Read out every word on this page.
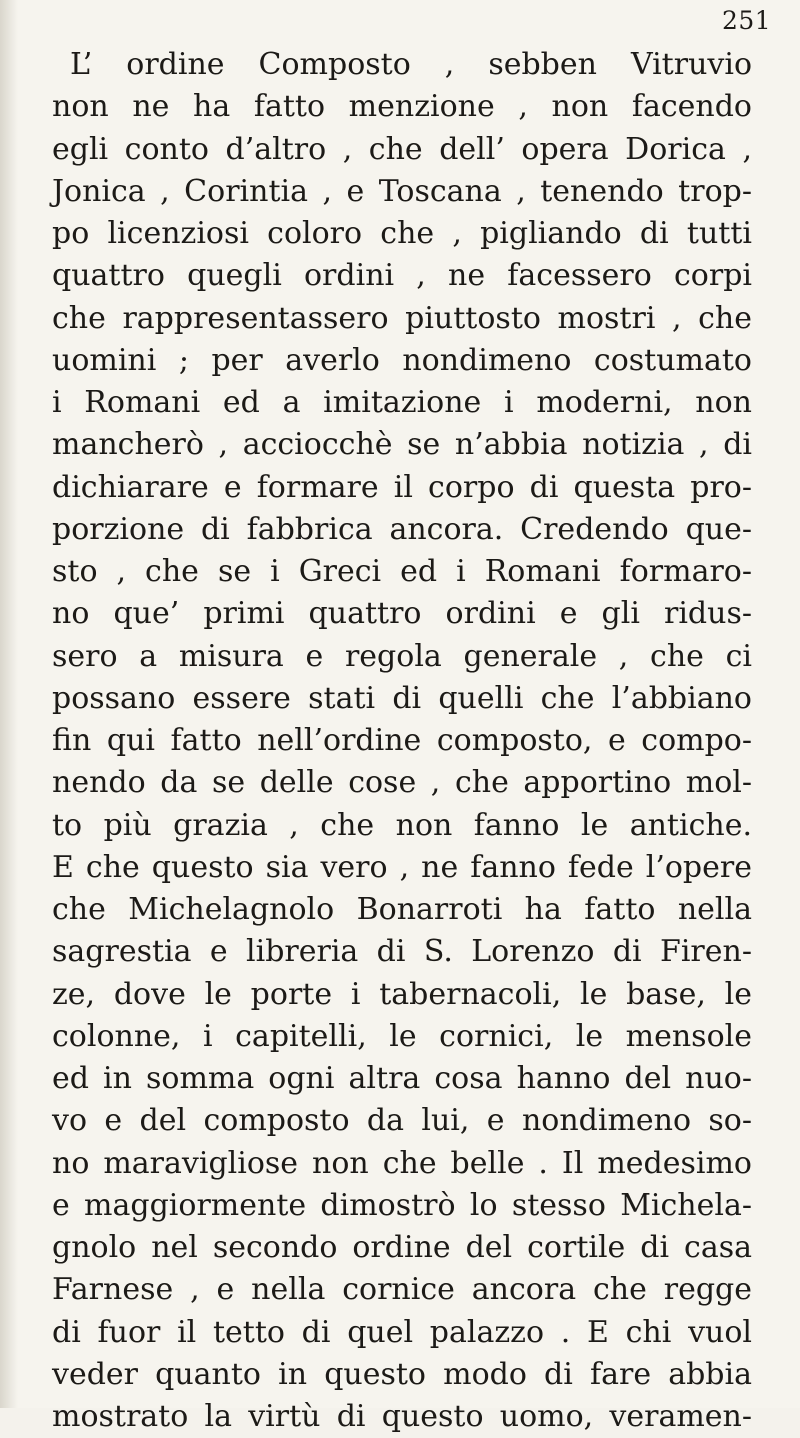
251
L’ ordine Composto , sebben Vitruvio
non ne ha fatto menzione , non facendo
egli conto d’altro , che dell’ opera Dorica ,
Jonica , Corintia , e Toscana , tenendo trop-
po licenziosi coloro che , pigliando di tutti
quattro quegli ordini , ne facessero corpi
che rappresentassero piuttosto mostri , che
uomini ; per averlo nondimeno costumato
i Romani ed a imitazione i moderni, non
mancherò , acciocchè se n’abbia notizia , di
dichiarare e formare il corpo di questa pro-
porzione di fabbrica ancora. Credendo que-
sto , che se i Greci ed i Romani formaro-
no que’ primi quattro ordini e gli ridus-
sero a misura e regola generale , che ci
possano essere stati di quelli che l’abbiano
fin qui fatto nell’ordine composto, e compo-
nendo da se delle cose , che apportino mol-
to più grazia , che non fanno le antiche.
E che questo sia vero , ne fanno fede l’opere
che Michelagnolo Bonarroti ha fatto nella
sagrestia e libreria di S. Lorenzo di Firen-
ze, dove le porte i tabernacoli, le base, le
colonne, i capitelli, le cornici, le mensole
ed in somma ogni altra cosa hanno del nuo-
vo e del composto da lui, e nondimeno so-
no maravigliose non che belle . Il medesimo
e maggiormente dimostrò lo stesso Michela-
gnolo nel secondo ordine del cortile di casa
Farnese , e nella cornice ancora che regge
di fuor il tetto di quel palazzo . E chi vuol
veder quanto in questo modo di fare abbia
mostrato la virtù di questo uomo, veramen-
